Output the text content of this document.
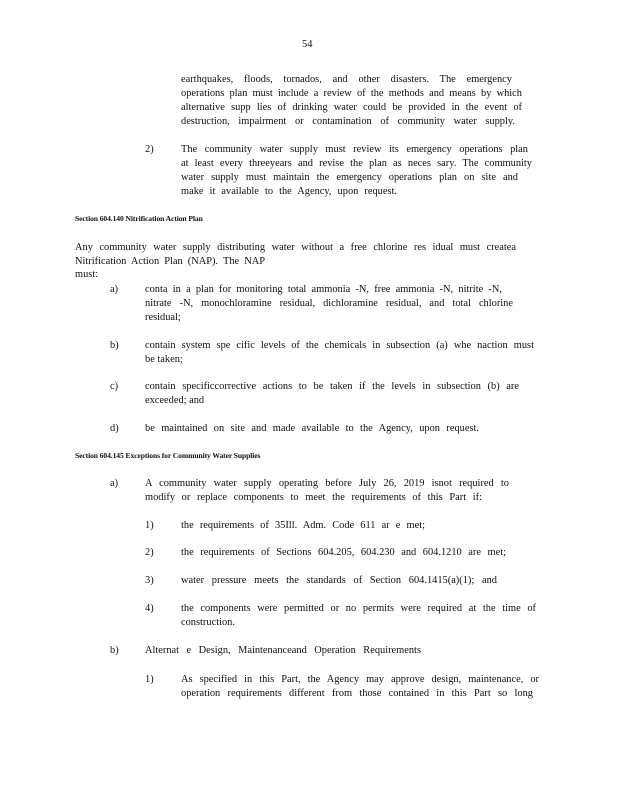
54
earthquakes, floods, tornados, and other disasters. The emergency
operations plan must include a review of the methods and means by which
alternative supp lies of drinking water could be provided in the event of
destruction, impairment or contamination of community water supply.
2)	The community water supply must review its emergency operations plan
at least every threeyears and revise the plan as neces sary. The community
water supply must maintain the emergency operations plan on site and
make it available to the Agency, upon request.
Section 604.140 Nitrification Action Plan
Any community water supply distributing water without a free chlorine res idual must createa
Nitrification Action Plan (NAP). The NAP must:
a)	conta in a plan for monitoring total ammonia -N, free ammonia -N, nitrite -N,
nitrate -N, monochloramine residual, dichloramine residual, and total chlorine
residual;
b)	contain system spe cific levels of the chemicals in subsection (a) whe naction must
be taken;
c)	contain specificcorrective actions to be taken if the levels in subsection (b) are
exceeded; and
d)	be maintained on site and made available to the Agency, upon request.
Section 604.145 Exceptions for Community Water Supplies
a)	A community water supply operating before July 26, 2019 isnot required to
modify or replace components to meet the requirements of this Part if:
1)	the requirements of 35Ill. Adm. Code 611 ar e met;
2)	the requirements of Sections 604.205, 604.230 and 604.1210 are met;
3)	water pressure meets the standards of Section 604.1415(a)(1); and
4)	the components were permitted or no permits were required at the time of
construction.
b)	Alternat e Design, Maintenanceand Operation Requirements
1)	As specified in this Part, the Agency may approve design, maintenance, or
operation requirements different from those contained in this Part so long
